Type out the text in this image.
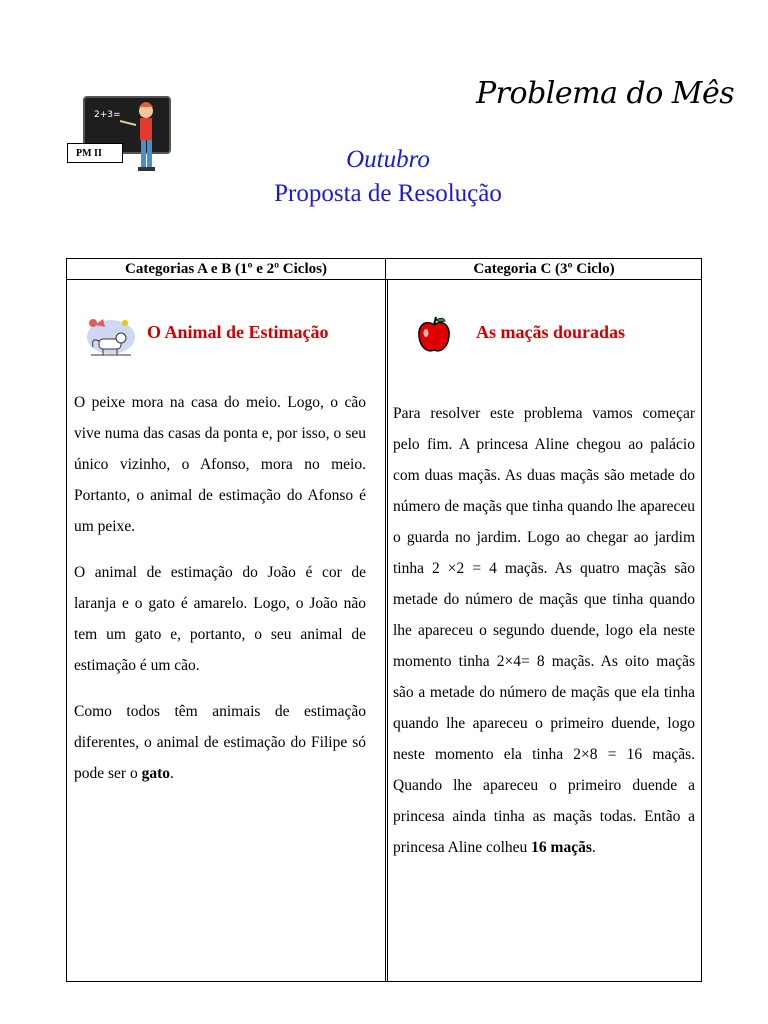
Problema do Mês
2+3=
PM II	Outubro
Proposta de Resolução
Categorias A e B (1º e 2º Ciclos)	Categoria C (3º Ciclo)
O Animal de Estimação	As maçãs douradas

O peixe mora na casa do meio. Logo, o cão vive numa das casas da ponta e, por isso, o seu único vizinho, o Afonso, mora no meio. Portanto, o animal de estimação do Afonso é um peixe.

O animal de estimação do João é cor de laranja e o gato é amarelo. Logo, o João não tem um gato e, portanto, o seu animal de estimação é um cão.

Como todos têm animais de estimação diferentes, o animal de estimação do Filipe só pode ser o gato.

Para resolver este problema vamos começar pelo fim. A princesa Aline chegou ao palácio com duas maçãs. As duas maçãs são metade do número de maçãs que tinha quando lhe apareceu o guarda no jardim. Logo ao chegar ao jardim tinha 2 ×2 = 4 maçãs. As quatro maçãs são metade do número de maçãs que tinha quando lhe apareceu o segundo duende, logo ela neste momento tinha 2×4= 8 maçãs. As oito maçãs são a metade do número de maçãs que ela tinha quando lhe apareceu o primeiro duende, logo neste momento ela tinha 2×8 = 16 maçãs. Quando lhe apareceu o primeiro duende a princesa ainda tinha as maçãs todas. Então a princesa Aline colheu 16 maçãs.
